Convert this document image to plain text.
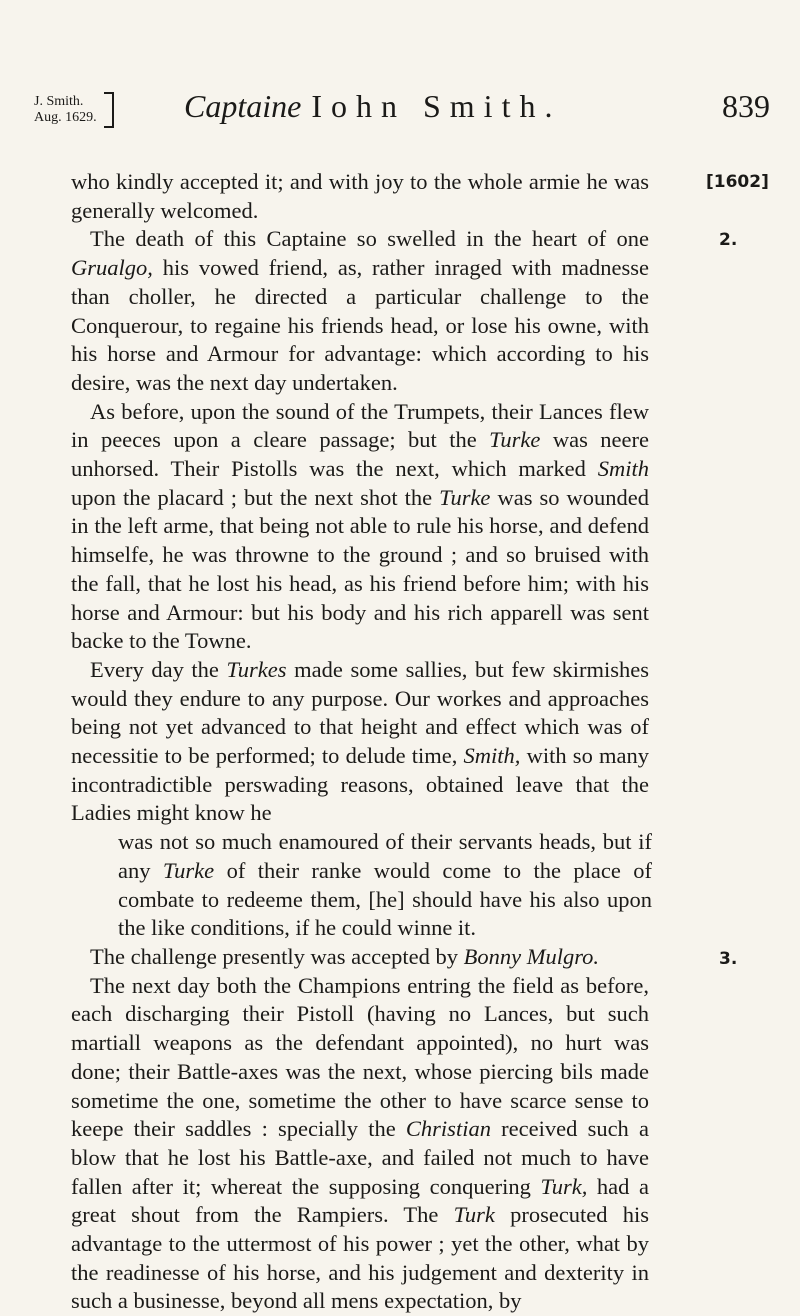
J. Smith.
Aug. 1629.	Captaine Iohn Smith.	839
[1602]
2.
3.

who kindly accepted it; and with joy to the whole armie he was generally welcomed.

The death of this Captaine so swelled in the heart of one Grualgo, his vowed friend, as, rather inraged with madnesse than choller, he directed a particular challenge to the Conquerour, to regaine his friends head, or lose his owne, with his horse and Armour for advantage: which according to his desire, was the next day undertaken.

As before, upon the sound of the Trumpets, their Lances flew in peeces upon a cleare passage; but the Turke was neere unhorsed. Their Pistolls was the next, which marked Smith upon the placard ; but the next shot the Turke was so wounded in the left arme, that being not able to rule his horse, and defend himselfe, he was throwne to the ground ; and so bruised with the fall, that he lost his head, as his friend before him; with his horse and Armour: but his body and his rich apparell was sent backe to the Towne.

Every day the Turkes made some sallies, but few skirmishes would they endure to any purpose. Our workes and approaches being not yet advanced to that height and effect which was of necessitie to be performed; to delude time, Smith, with so many incontradictible perswading reasons, obtained leave that the Ladies might know he

was not so much enamoured of their servants heads, but if any Turke of their ranke would come to the place of combate to redeeme them, [he] should have his also upon the like conditions, if he could winne it.

The challenge presently was accepted by Bonny Mulgro.

The next day both the Champions entring the field as before, each discharging their Pistoll (having no Lances, but such martiall weapons as the defendant appointed), no hurt was done; their Battle-axes was the next, whose piercing bils made sometime the one, sometime the other to have scarce sense to keepe their saddles : specially the Christian received such a blow that he lost his Battle-axe, and failed not much to have fallen after it; whereat the supposing conquering Turk, had a great shout from the Rampiers. The Turk prosecuted his advantage to the uttermost of his power ; yet the other, what by the readinesse of his horse, and his judgement and dexterity in such a businesse, beyond all mens expectation, by
